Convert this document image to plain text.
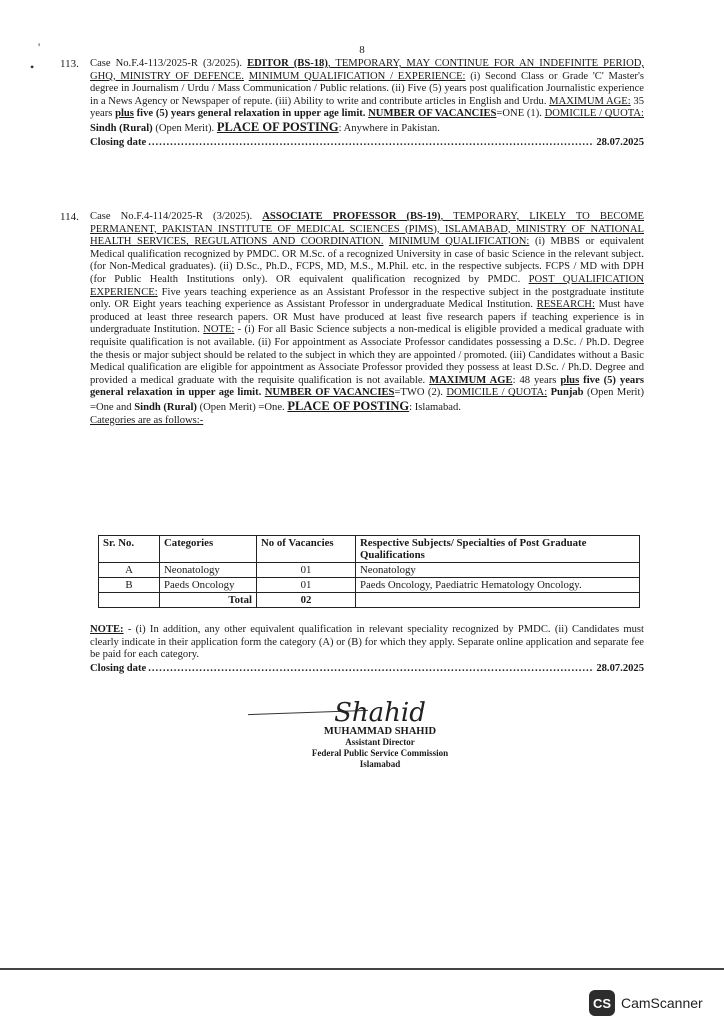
8
'
• 113. Case No.F.4-113/2025-R (3/2025). EDITOR (BS-18), TEMPORARY, MAY CONTINUE FOR AN INDEFINITE PERIOD, GHQ, MINISTRY OF DEFENCE. MINIMUM QUALIFICATION / EXPERIENCE: (i) Second Class or Grade 'C' Master's degree in Journalism / Urdu / Mass Communication / Public relations. (ii) Five (5) years post qualification Journalistic experience in a News Agency or Newspaper of repute. (iii) Ability to write and contribute articles in English and Urdu. MAXIMUM AGE: 35 years plus five (5) years general relaxation in upper age limit. NUMBER OF VACANCIES=ONE (1). DOMICILE / QUOTA: Sindh (Rural) (Open Merit). PLACE OF POSTING: Anywhere in Pakistan.
Closing date .....	28.07.2025
114. Case No.F.4-114/2025-R (3/2025). ASSOCIATE PROFESSOR (BS-19), TEMPORARY, LIKELY TO BECOME PERMANENT, PAKISTAN INSTITUTE OF MEDICAL SCIENCES (PIMS), ISLAMABAD, MINISTRY OF NATIONAL HEALTH SERVICES, REGULATIONS AND COORDINATION. MINIMUM QUALIFICATION: (i) MBBS or equivalent Medical qualification recognized by PMDC. OR M.Sc. of a recognized University in case of basic Science in the relevant subject. (for Non-Medical graduates). (ii) D.Sc., Ph.D., FCPS, MD, M.S., M.Phil. etc. in the respective subjects. FCPS / MD with DPH (for Public Health Institutions only). OR equivalent qualification recognized by PMDC. POST QUALIFICATION EXPERIENCE: Five years teaching experience as an Assistant Professor in the respective subject in the postgraduate institute only. OR Eight years teaching experience as Assistant Professor in undergraduate Medical Institution. RESEARCH: Must have produced at least three research papers. OR Must have produced at least five research papers if teaching experience is in undergraduate Institution. NOTE: - (i) For all Basic Science subjects a non-medical is eligible provided a medical graduate with requisite qualification is not available. (ii) For appointment as Associate Professor candidates possessing a D.Sc. / Ph.D. Degree the thesis or major subject should be related to the subject in which they are appointed / promoted. (iii) Candidates without a Basic Medical qualification are eligible for appointment as Associate Professor provided they possess at least D.Sc. / Ph.D. Degree and provided a medical graduate with the requisite qualification is not available. MAXIMUM AGE: 48 years plus five (5) years general relaxation in upper age limit. NUMBER OF VACANCIES=TWO (2). DOMICILE / QUOTA: Punjab (Open Merit) =One and Sindh (Rural) (Open Merit) =One. PLACE OF POSTING: Islamabad.
Categories are as follows:-
Sr. No.	Categories	No of Vacancies	Respective Subjects/ Specialties of Post Graduate Qualifications
A	Neonatology	01	Neonatology
B	Paeds Oncology	01	Paeds Oncology, Paediatric Hematology Oncology.
	Total	02	
NOTE: - (i) In addition, any other equivalent qualification in relevant speciality recognized by PMDC. (ii) Candidates must clearly indicate in their application form the category (A) or (B) for which they apply. Separate online application and separate fee be paid for each category.
Closing date .....	28.07.2025
Shahid
MUHAMMAD SHAHID
Assistant Director
Federal Public Service Commission
Islamabad
CS CamScanner
